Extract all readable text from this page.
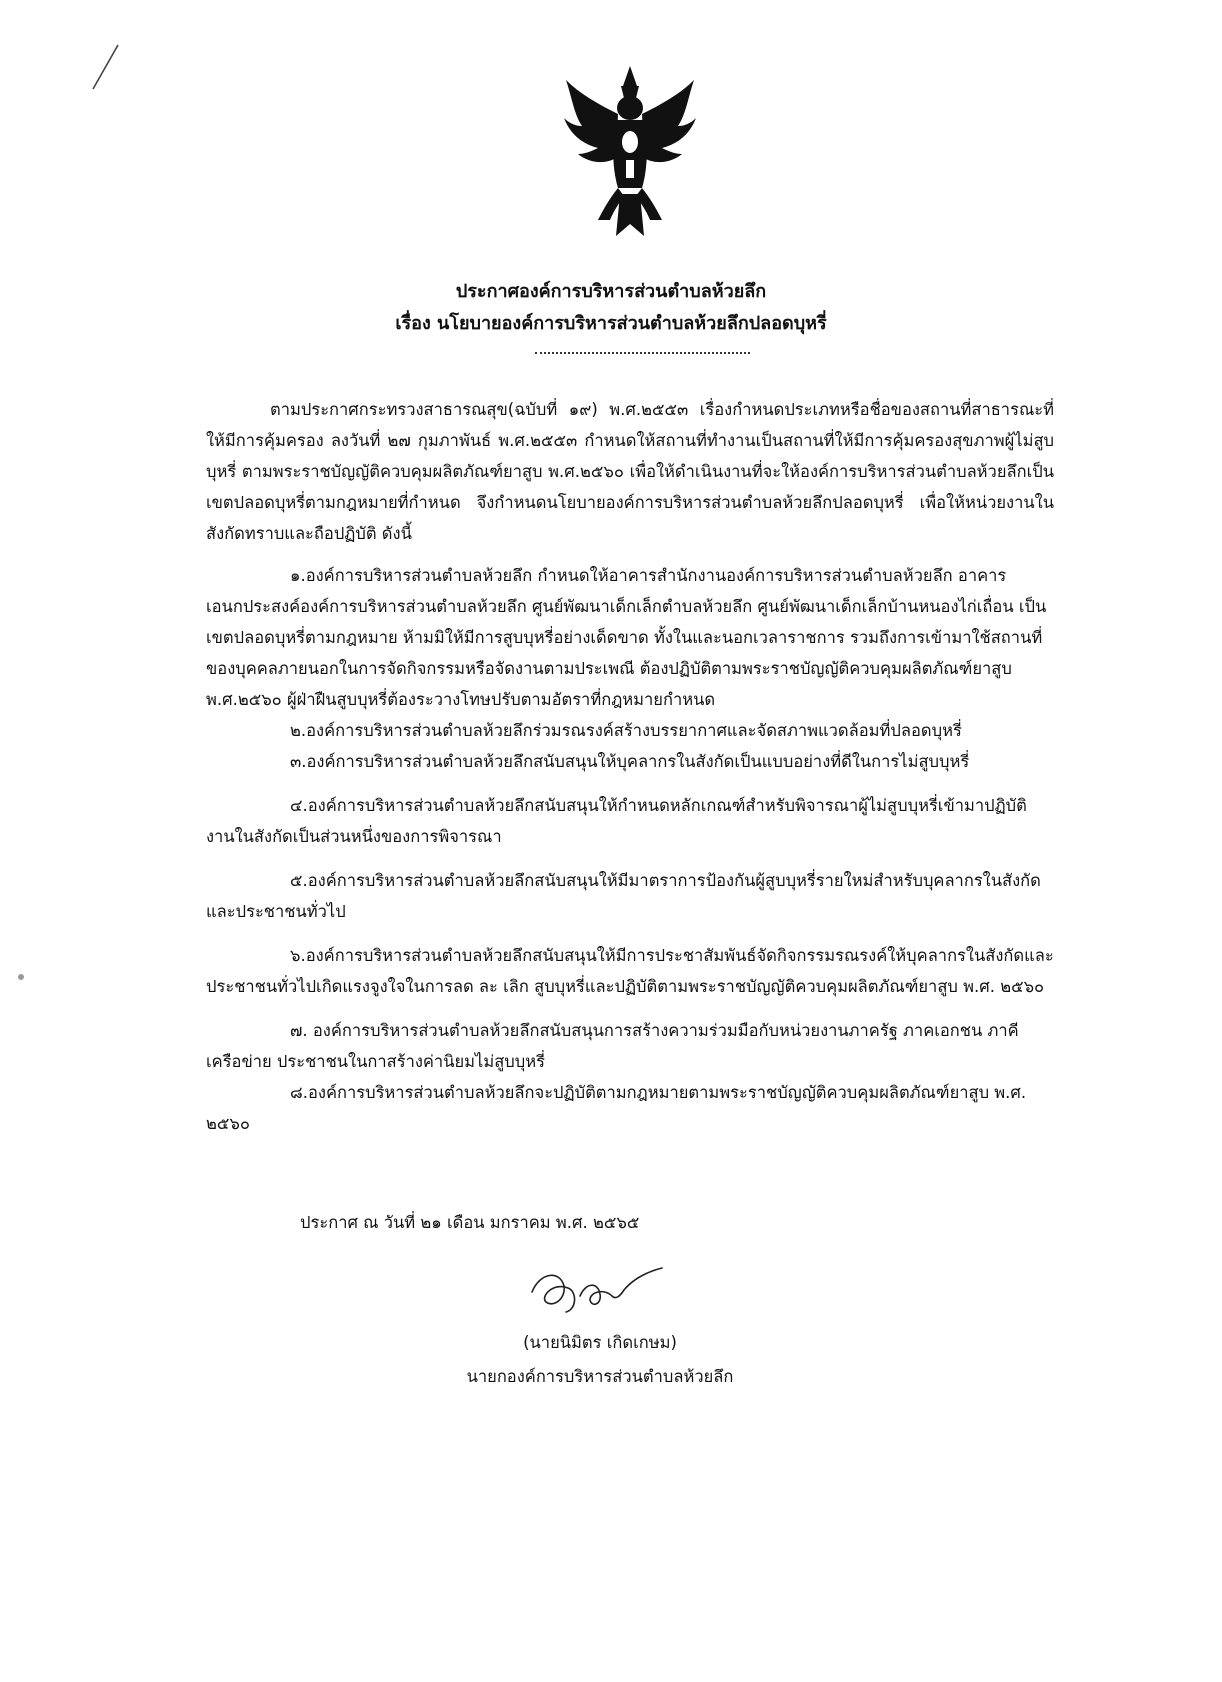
ประกาศองค์การบริหารส่วนตำบลห้วยลึก
เรื่อง นโยบายองค์การบริหารส่วนตำบลห้วยลึกปลอดบุหรี่

ตามประกาศกระทรวงสาธารณสุข(ฉบับที่ ๑๙) พ.ศ.๒๕๕๓ เรื่องกำหนดประเภทหรือชื่อของสถานที่สาธารณะที่ให้มีการคุ้มครอง ลงวันที่ ๒๗ กุมภาพันธ์ พ.ศ.๒๕๕๓ กำหนดให้สถานที่ทำงานเป็นสถานที่ให้มีการคุ้มครองสุขภาพผู้ไม่สูบบุหรี่ ตามพระราชบัญญัติควบคุมผลิตภัณฑ์ยาสูบ พ.ศ.๒๕๖๐ เพื่อให้ดำเนินงานที่จะให้องค์การบริหารส่วนตำบลห้วยลึกเป็นเขตปลอดบุหรี่ตามกฎหมายที่กำหนด จึงกำหนดนโยบายองค์การบริหารส่วนตำบลห้วยลึกปลอดบุหรี่ เพื่อให้หน่วยงานในสังกัดทราบและถือปฏิบัติ ดังนี้

๑.องค์การบริหารส่วนตำบลห้วยลึก กำหนดให้อาคารสำนักงานองค์การบริหารส่วนตำบลห้วยลึก อาคารเอนกประสงค์องค์การบริหารส่วนตำบลห้วยลึก ศูนย์พัฒนาเด็กเล็กตำบลห้วยลึก ศูนย์พัฒนาเด็กเล็กบ้านหนองไก่เถื่อน เป็นเขตปลอดบุหรี่ตามกฎหมาย ห้ามมิให้มีการสูบบุหรี่อย่างเด็ดขาด ทั้งในและนอกเวลาราชการ รวมถึงการเข้ามาใช้สถานที่ของบุคคลภายนอกในการจัดกิจกรรมหรือจัดงานตามประเพณี ต้องปฏิบัติตามพระราชบัญญัติควบคุมผลิตภัณฑ์ยาสูบ พ.ศ.๒๕๖๐ ผู้ฝ่าฝืนสูบบุหรี่ต้องระวางโทษปรับตามอัตราที่กฎหมายกำหนด

๒.องค์การบริหารส่วนตำบลห้วยลึกร่วมรณรงค์สร้างบรรยากาศและจัดสภาพแวดล้อมที่ปลอดบุหรี่

๓.องค์การบริหารส่วนตำบลห้วยลึกสนับสนุนให้บุคลากรในสังกัดเป็นแบบอย่างที่ดีในการไม่สูบบุหรี่

๔.องค์การบริหารส่วนตำบลห้วยลึกสนับสนุนให้กำหนดหลักเกณฑ์สำหรับพิจารณาผู้ไม่สูบบุหรี่เข้ามาปฏิบัติงานในสังกัดเป็นส่วนหนึ่งของการพิจารณา

๕.องค์การบริหารส่วนตำบลห้วยลึกสนับสนุนให้มีมาตราการป้องกันผู้สูบบุหรี่รายใหม่สำหรับบุคลากรในสังกัดและประชาชนทั่วไป

๖.องค์การบริหารส่วนตำบลห้วยลึกสนับสนุนให้มีการประชาสัมพันธ์จัดกิจกรรมรณรงค์ให้บุคลากรในสังกัดและประชาชนทั่วไปเกิดแรงจูงใจในการลด ละ เลิก สูบบุหรี่และปฏิบัติตามพระราชบัญญัติควบคุมผลิตภัณฑ์ยาสูบ พ.ศ. ๒๕๖๐

๗. องค์การบริหารส่วนตำบลห้วยลึกสนับสนุนการสร้างความร่วมมือกับหน่วยงานภาครัฐ ภาคเอกชน ภาคีเครือข่าย ประชาชนในกาสร้างค่านิยมไม่สูบบุหรี่

๘.องค์การบริหารส่วนตำบลห้วยลึกจะปฏิบัติตามกฎหมายตามพระราชบัญญัติควบคุมผลิตภัณฑ์ยาสูบ พ.ศ. ๒๕๖๐

ประกาศ ณ วันที่ ๒๑ เดือน มกราคม พ.ศ. ๒๕๖๕
(นายนิมิตร เกิดเกษม)
นายกองค์การบริหารส่วนตำบลห้วยลึก
